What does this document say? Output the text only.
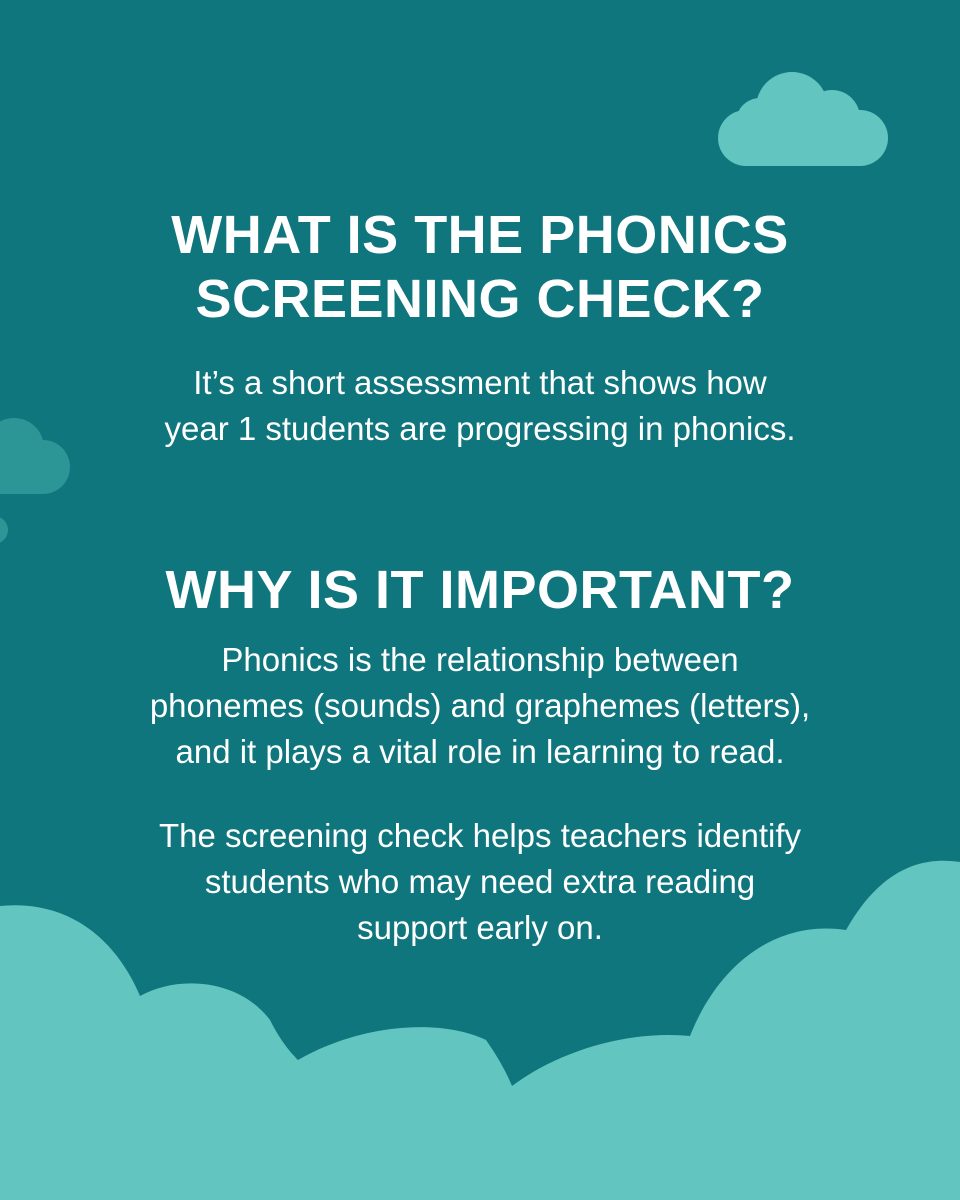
WHAT IS THE PHONICS
SCREENING CHECK?

It’s a short assessment that shows how
year 1 students are progressing in phonics.

WHY IS IT IMPORTANT?

Phonics is the relationship between
phonemes (sounds) and graphemes (letters),
and it plays a vital role in learning to read.

The screening check helps teachers identify
students who may need extra reading
support early on.
